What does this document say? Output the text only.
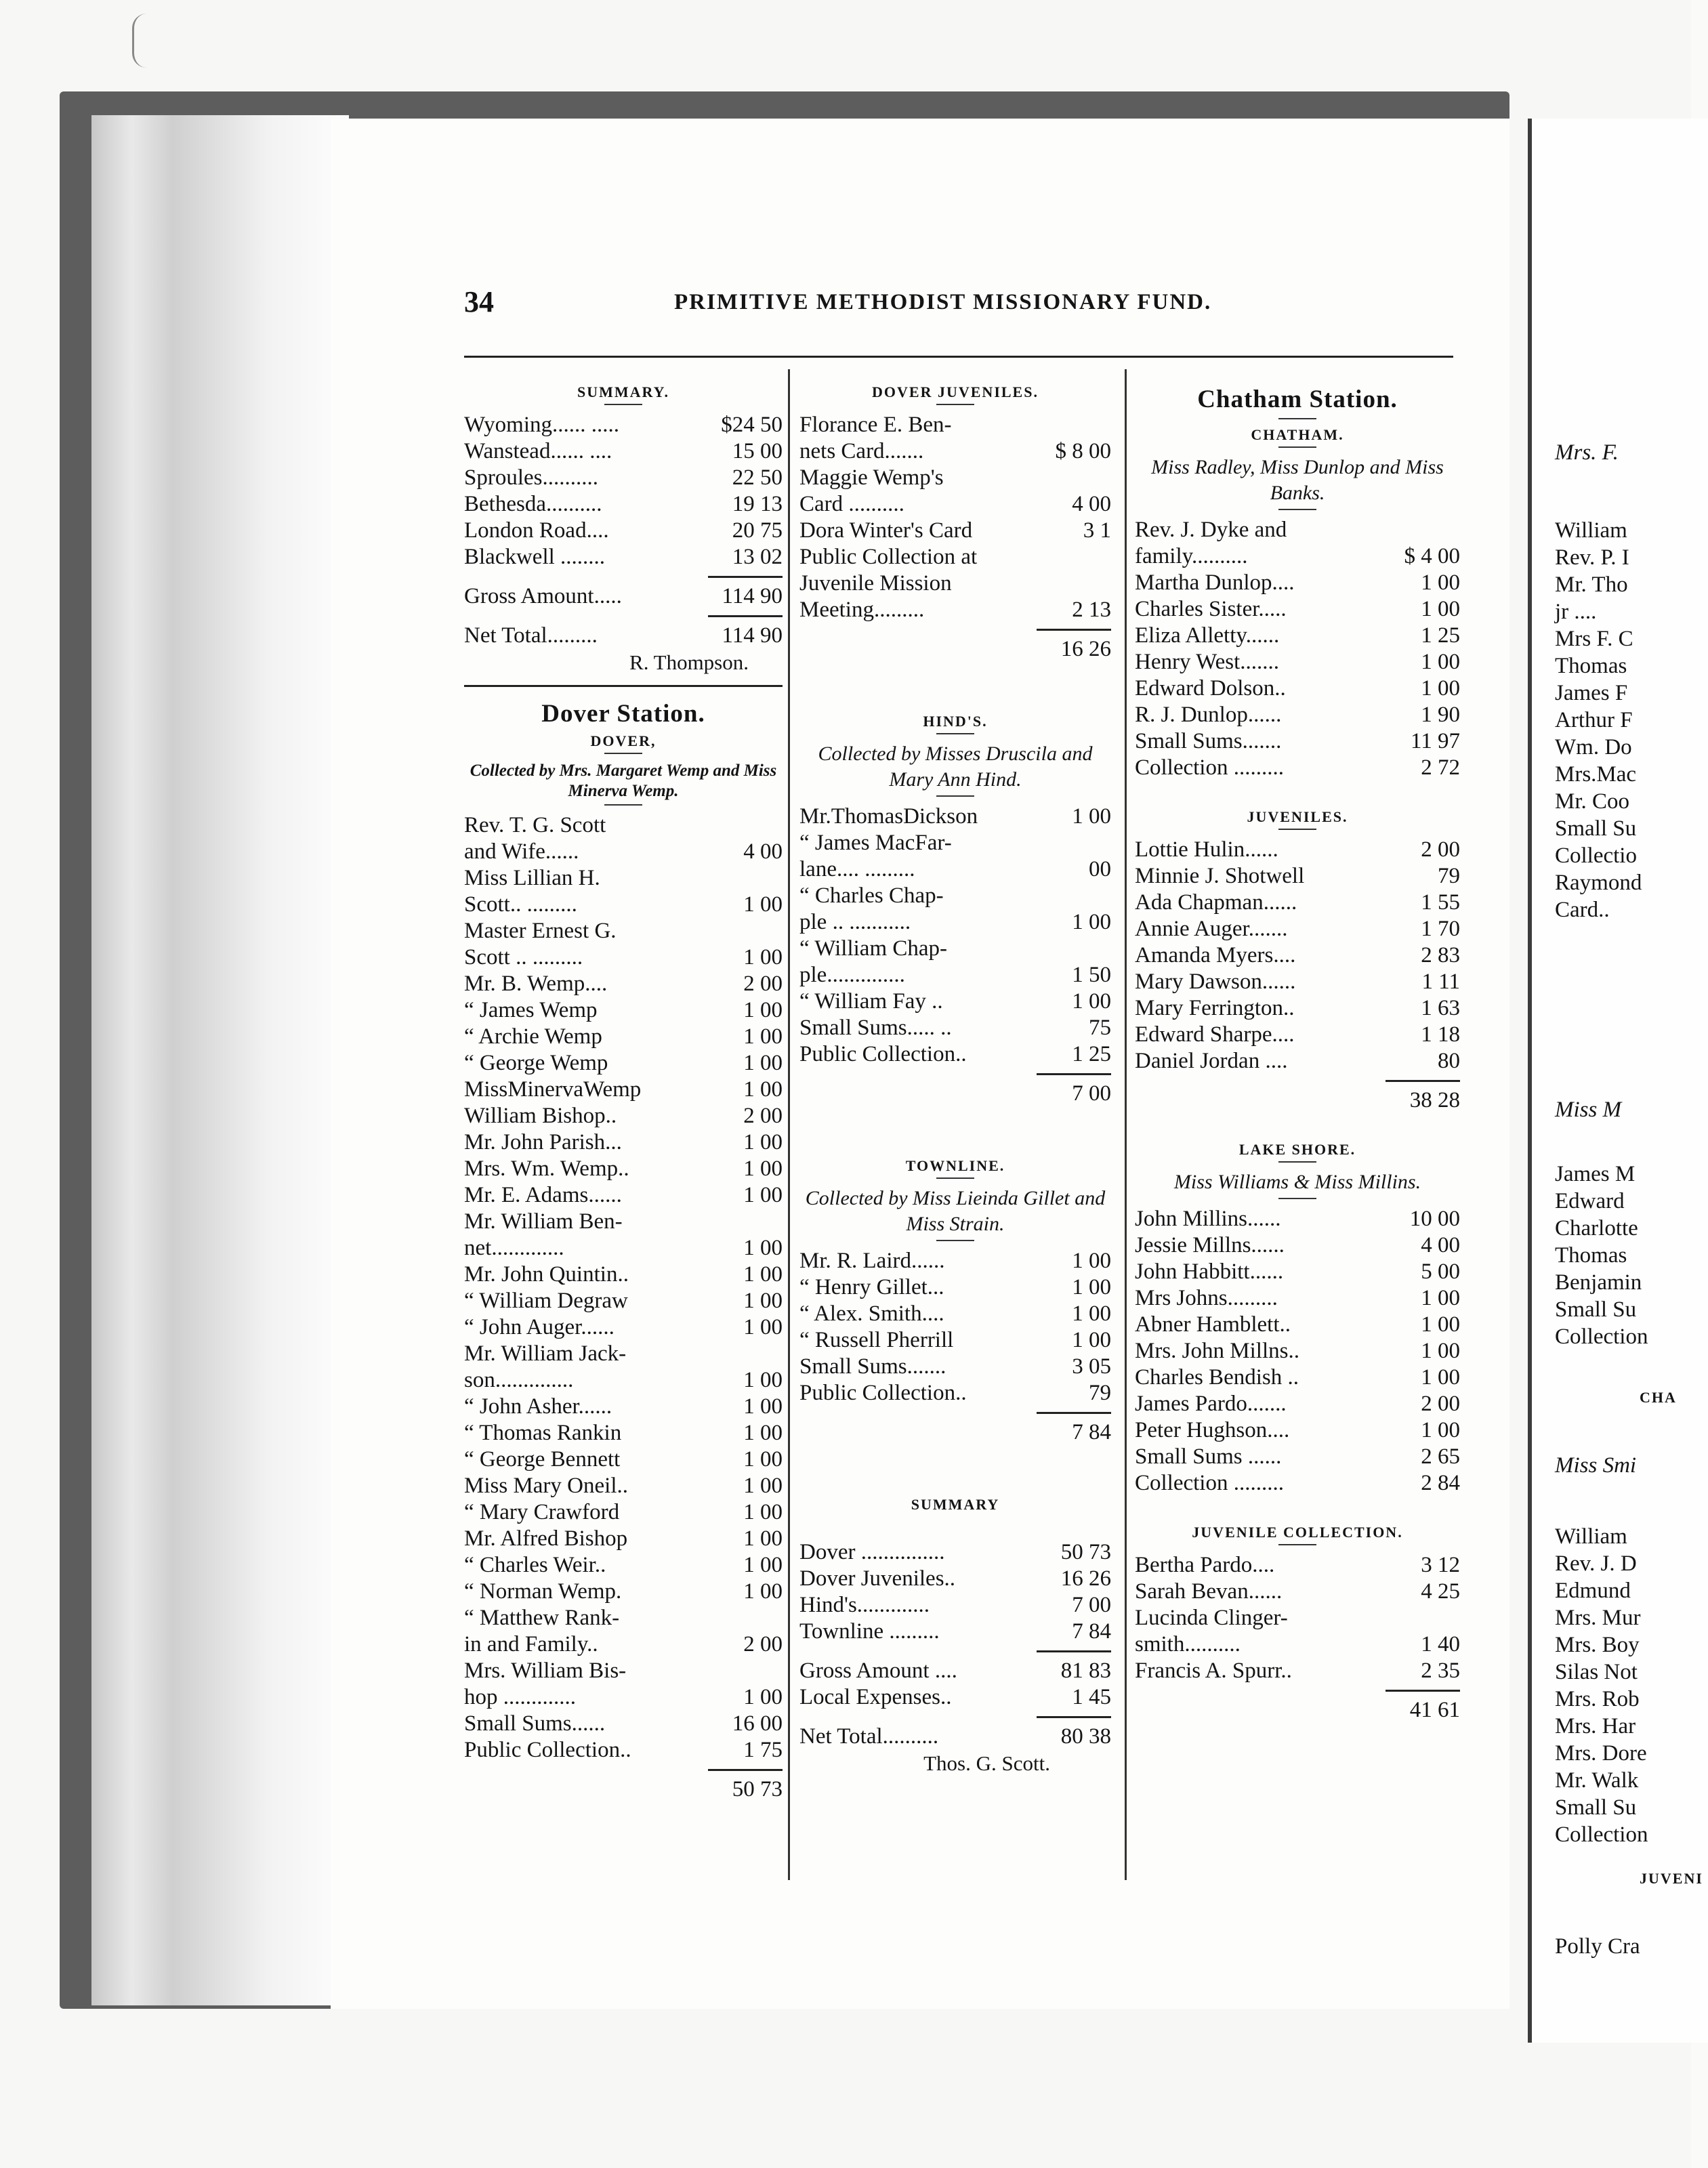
34	PRIMITIVE METHODIST MISSIONARY FUND.
SUMMARY.
Wyoming...... .....	$24 50
Wanstead...... ....	15 00
Sproules..........	22 50
Bethesda..........	19 13
London Road....	20 75
Blackwell ........	13 02
Gross Amount.....	114 90
Net Total.........	114 90
R. Thompson.
Dover Station.
DOVER,
Collected by Mrs. Margaret Wemp and Miss Minerva Wemp.
Rev. T. G. Scott
and Wife......	4 00
Miss Lillian H.
Scott.. .........	1 00
Master Ernest G.
Scott .. .........	1 00
Mr. B. Wemp....	2 00
“ James Wemp	1 00
“ Archie Wemp	1 00
“ George Wemp	1 00
MissMinervaWemp	1 00
William Bishop..	2 00
Mr. John Parish...	1 00
Mrs. Wm. Wemp..	1 00
Mr. E. Adams......	1 00
Mr. William Ben-
net.............	1 00
Mr. John Quintin..	1 00
“ William Degraw	1 00
“ John Auger......	1 00
Mr. William Jack-
son..............	1 00
“ John Asher......	1 00
“ Thomas Rankin	1 00
“ George Bennett	1 00
Miss Mary Oneil..	1 00
“ Mary Crawford	1 00
Mr. Alfred Bishop	1 00
“ Charles Weir..	1 00
“ Norman Wemp.	1 00
“ Matthew Rank-
in and Family..	2 00
Mrs. William Bis-
hop .............	1 00
Small Sums......	16 00
Public Collection..	1 75
50 73
DOVER JUVENILES.
Florance E. Ben-
nets Card.......	$ 8 00
Maggie Wemp's
Card ..........	4 00
Dora Winter's Card	3 1
Public Collection at
Juvenile Mission
Meeting.........	2 13
16 26
HIND'S.
Collected by Misses Druscila and Mary Ann Hind.
Mr.ThomasDickson	1 00
“ James MacFar-
lane.... .........	00
“ Charles Chap-
ple .. ...........	1 00
“ William Chap-
ple..............	1 50
“ William Fay ..	1 00
Small Sums..... ..	75
Public Collection..	1 25
7 00
TOWNLINE.
Collected by Miss Lieinda Gillet and Miss Strain.
Mr. R. Laird......	1 00
“ Henry Gillet...	1 00
“ Alex. Smith....	1 00
“ Russell Pherrill	1 00
Small Sums.......	3 05
Public Collection..	79
7 84
SUMMARY
Dover ...............	50 73
Dover Juveniles..	16 26
Hind's.............	7 00
Townline .........	7 84
Gross Amount ....	81 83
Local Expenses..	1 45
Net Total..........	80 38
Thos. G. Scott.
Chatham Station.
CHATHAM.
Miss Radley, Miss Dunlop and Miss Banks.
Rev. J. Dyke and
family..........	$ 4 00
Martha Dunlop....	1 00
Charles Sister.....	1 00
Eliza Alletty......	1 25
Henry West.......	1 00
Edward Dolson..	1 00
R. J. Dunlop......	1 90
Small Sums.......	11 97
Collection .........	2 72
JUVENILES.
Lottie Hulin......	2 00
Minnie J. Shotwell	79
Ada Chapman......	1 55
Annie Auger.......	1 70
Amanda Myers....	2 83
Mary Dawson......	1 11
Mary Ferrington..	1 63
Edward Sharpe....	1 18
Daniel Jordan ....	80
38 28
LAKE SHORE.
Miss Williams & Miss Millins.
John Millins......	10 00
Jessie Millns......	4 00
John Habbitt......	5 00
Mrs Johns.........	1 00
Abner Hamblett..	1 00
Mrs. John Millns..	1 00
Charles Bendish ..	1 00
James Pardo.......	2 00
Peter Hughson....	1 00
Small Sums ......	2 65
Collection .........	2 84
JUVENILE COLLECTION.
Bertha Pardo....	3 12
Sarah Bevan......	4 25
Lucinda Clinger-
smith..........	1 40
Francis A. Spurr..	2 35
41 61
Mrs. F.
William
Rev. P. I
Mr. Tho
jr ....
Mrs F. C
Thomas
James F
Arthur F
Wm. Do
Mrs.Mac
Mr. Coo
Small Su
Collectio
Raymond
Card..
Miss M
James M
Edward
Charlotte
Thomas
Benjamin
Small Su
Collection
CHA
Miss Smi
William
Rev. J. D
Edmund
Mrs. Mur
Mrs. Boy
Silas Not
Mrs. Rob
Mrs. Har
Mrs. Dore
Mr. Walk
Small Su
Collection
JUVENI
Polly Cra
